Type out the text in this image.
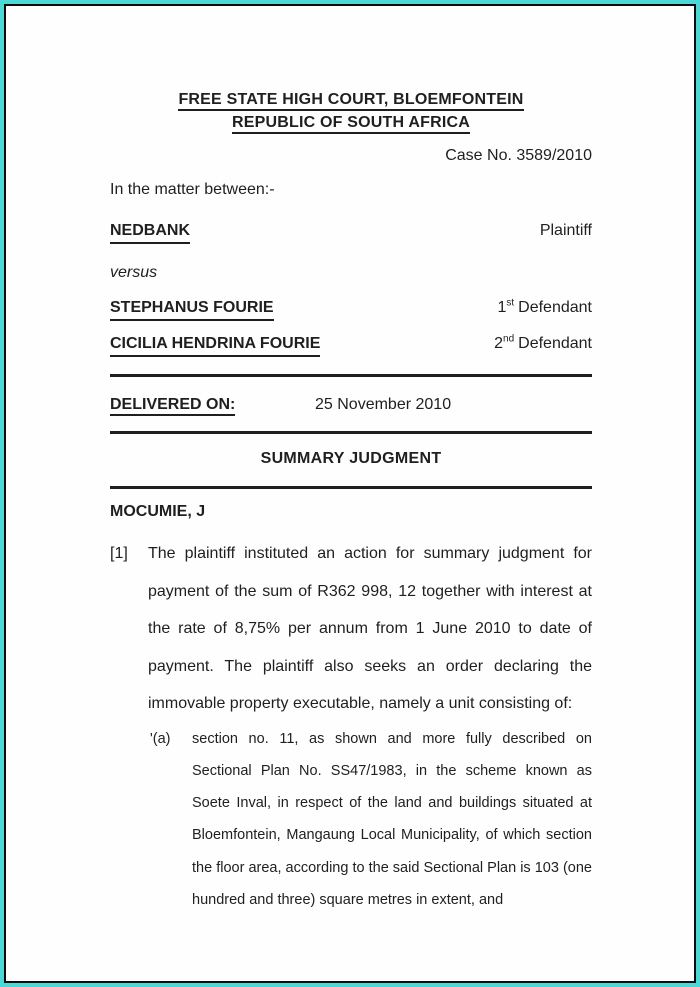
FREE STATE HIGH COURT, BLOEMFONTEIN
REPUBLIC OF SOUTH AFRICA
Case No. 3589/2010
In the matter between:-
NEDBANK	Plaintiff
versus
STEPHANUS FOURIE	1st Defendant
CICILIA HENDRINA FOURIE	2nd Defendant
DELIVERED ON:	25 November 2010
SUMMARY JUDGMENT
MOCUMIE, J
[1]	The plaintiff instituted an action for summary judgment for payment of the sum of R362 998, 12 together with interest at the rate of 8,75% per annum from 1 June 2010 to date of payment. The plaintiff also seeks an order declaring the immovable property executable, namely a unit consisting of:
'(a)	section no. 11, as shown and more fully described on Sectional Plan No. SS47/1983, in the scheme known as Soete Inval, in respect of the land and buildings situated at Bloemfontein, Mangaung Local Municipality, of which section the floor area, according to the said Sectional Plan is 103 (one hundred and three) square metres in extent, and
